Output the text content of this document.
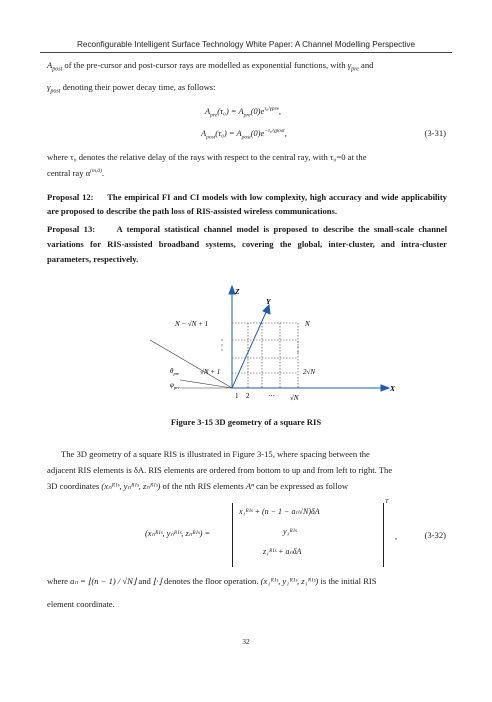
Reconfigurable Intelligent Surface Technology White Paper: A Channel Modelling Perspective
$A_{post}$ of the pre-cursor and post-cursor rays are modelled as exponential functions, with $\gamma_{pre}$ and
$\gamma_{post}$ denoting their power decay time, as follows:
$A_{pre}(\tau_0) = A_{pre}(0)e^{\tau_0/\gamma pre}$,
$A_{post}(\tau_0) = A_{post}(0)e^{-\tau_0/\gamma post}$,	(3-31)
where τ₀ denotes the relative delay of the rays with respect to the central ray, with τ₀=0 at the
central ray $\alpha^{(m,0)}$.
Proposal 12: The empirical FI and CI models with low complexity, high accuracy and wide applicability are proposed to describe the path loss of RIS-assisted wireless communications.
Proposal 13: A temporal statistical channel model is proposed to describe the small-scale channel variations for RIS-assisted broadband systems, covering the global, inter-cluster, and intra-cluster parameters, respectively.
Z
Y
X
N − √N + 1	N
√N + 1	2√N
1 2	··· √N
$\theta_{pre}$
$\varphi_{pre}$
Figure 3-15 3D geometry of a square RIS
The 3D geometry of a square RIS is illustrated in Figure 3-15, where spacing between the
adjacent RIS elements is δA. RIS elements are ordered from bottom to up and from left to right. The
3D coordinates (xₙᴿᴵˢ, yₙᴿᴵˢ, zₙᴿᴵˢ) of the nth RIS elements Aⁿ can be expressed as follow
(xₙᴿᴵˢ, yₙᴿᴵˢ, zₙᴿᴵˢ) =
x₁ᴿᴵˢ + (n − 1 − aₙ√N)δA
y₁ᴿᴵˢ
z₁ᴿᴵˢ + aₙδA
T
,	(3-32)
where aₙ = ⌊(n − 1) / √N⌋ and ⌊·⌋ denotes the floor operation. (x₁ᴿᴵˢ, y₁ᴿᴵˢ, z₁ᴿᴵˢ) is the initial RIS
element coordinate.
32
